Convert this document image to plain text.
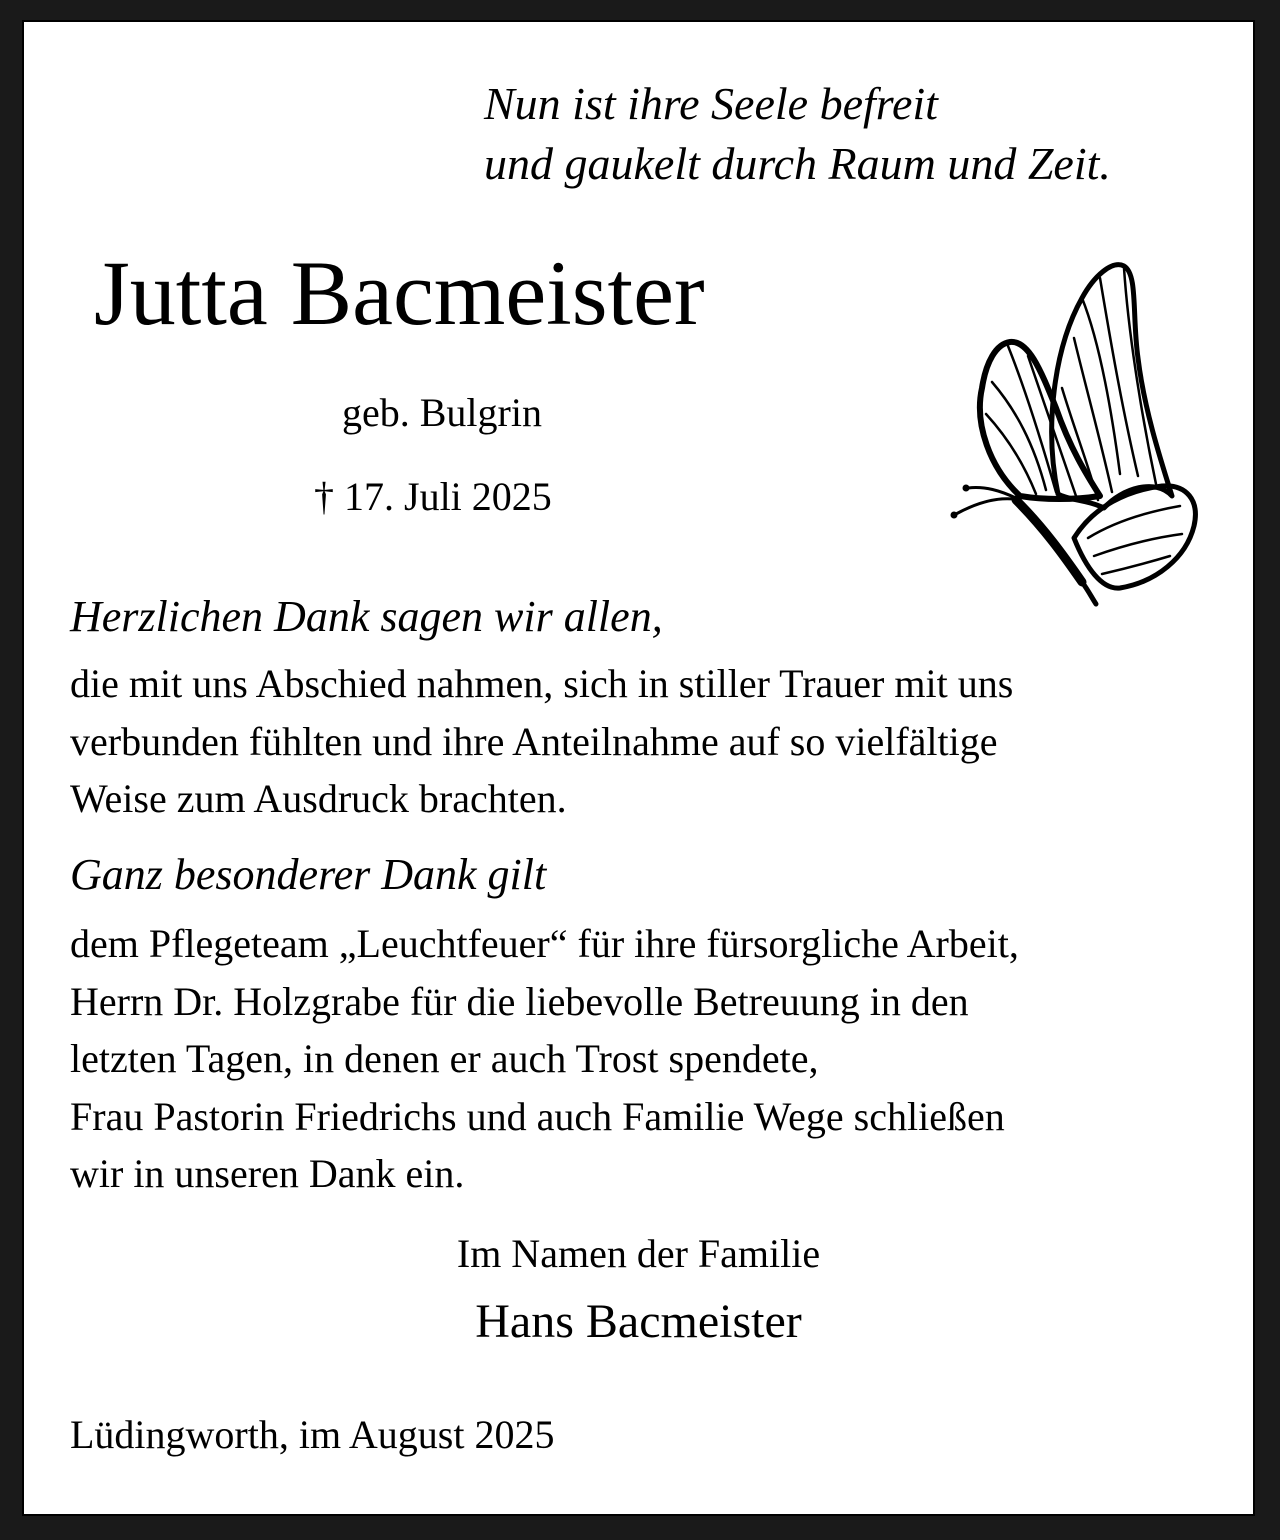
Nun ist ihre Seele befreit
und gaukelt durch Raum und Zeit.
Jutta Bacmeister
geb. Bulgrin
† 17. Juli 2025
Herzlichen Dank sagen wir allen,
die mit uns Abschied nahmen, sich in stiller Trauer mit uns
verbunden fühlten und ihre Anteilnahme auf so vielfältige
Weise zum Ausdruck brachten.
Ganz besonderer Dank gilt
dem Pflegeteam „Leuchtfeuer“ für ihre fürsorgliche Arbeit,
Herrn Dr. Holzgrabe für die liebevolle Betreuung in den
letzten Tagen, in denen er auch Trost spendete,
Frau Pastorin Friedrichs und auch Familie Wege schließen
wir in unseren Dank ein.
Im Namen der Familie
Hans Bacmeister
Lüdingworth, im August 2025
